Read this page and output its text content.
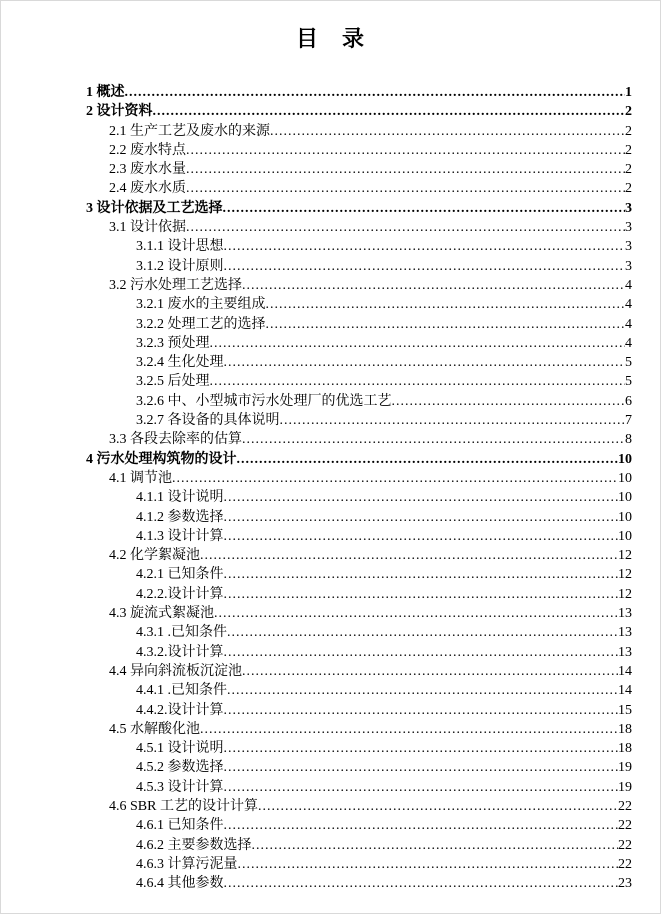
目　录
1 概述 .....	1
2 设计资料 .....	2
2.1 生产工艺及废水的来源 .....	2
2.2 废水特点 .....	2
2.3 废水水量 .....	2
2.4 废水水质 .....	2
3 设计依据及工艺选择 .....	3
3.1 设计依据 .....	3
3.1.1 设计思想 .....	3
3.1.2 设计原则 .....	3
3.2 污水处理工艺选择 .....	4
3.2.1 废水的主要组成 .....	4
3.2.2 处理工艺的选择 .....	4
3.2.3 预处理 .....	4
3.2.4 生化处理 .....	5
3.2.5 后处理 .....	5
3.2.6 中、小型城市污水处理厂的优选工艺 .....	6
3.2.7 各设备的具体说明 .....	7
3.3 各段去除率的估算 .....	8
4 污水处理构筑物的设计 .....	10
4.1 调节池 .....	10
4.1.1 设计说明 .....	10
4.1.2 参数选择 .....	10
4.1.3 设计计算 .....	10
4.2 化学絮凝池 .....	12
4.2.1 已知条件 .....	12
4.2.2.设计计算 .....	12
4.3 旋流式絮凝池 .....	13
4.3.1 .已知条件 .....	13
4.3.2.设计计算 .....	13
4.4 异向斜流板沉淀池 .....	14
4.4.1 .已知条件 .....	14
4.4.2.设计计算 .....	15
4.5 水解酸化池 .....	18
4.5.1 设计说明 .....	18
4.5.2 参数选择 .....	19
4.5.3 设计计算 .....	19
4.6 SBR 工艺的设计计算 .....	22
4.6.1 已知条件 .....	22
4.6.2 主要参数选择 .....	22
4.6.3 计算污泥量 .....	22
4.6.4 其他参数 .....	23
